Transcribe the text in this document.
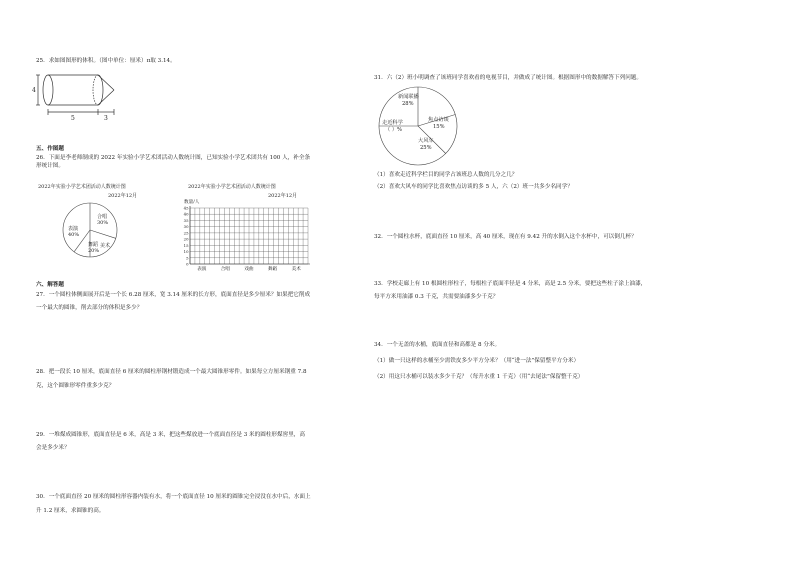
25．求如图图形的体积。（图中单位：厘米）π取 3.14。
4
5	3
五、作图题
26．下面是李老师制成的 2022 年实验小学艺术团活动人数统计图，已知实验小学艺术团共有 100 人，补全条
形统计图。
2022年实验小学艺术团活动人数统计图
2022年12月
合唱
30%
表演
40%
舞蹈
20%
美术
2022年实验小学艺术团活动人数统计图
2022年12月
数量/人
0
5
10
15
20
25
30
35
40
45
表演	合唱	戏曲	舞蹈	美术
六、解答题
27．一个圆柱体侧面展开后是一个长 6.28 厘米，宽 3.14 厘米的长方形，底面直径是多少厘米？如果把它削成
一个最大的圆锥，削去部分的体积是多少？
28．把一段长 10 厘米，底面直径 6 厘米的圆柱形钢材锻造成一个最大圆锥形零件。如果每立方厘米钢重 7.8
克，这个圆锥形零件重多少克？
29．一堆煤成圆锥形，底面直径是 6 米，高是 3 米，把这些煤放进一个底面直径是 3 米的圆柱形煤窖里，高
会是多少米？
30．一个底面直径 20 厘米的圆柱形容器内装有水，将一个底面直径 10 厘米的圆锥完全浸没在水中后，水面上
升 1.2 厘米，求圆锥的高。
31．六（2）班小明调查了该班同学喜欢看的电视节目，并做成了统计图。根据图形中的数据解答下列问题。
新闻联播
28%
焦点访谈
15%
大风车
25%
走近科学
（ ）%
（1）喜欢走近科学栏目的同学占该班总人数的几分之几？
（2）喜欢大风车的同学比喜欢焦点访谈的多 5 人，六（2）班一共多少名同学？
32．一个圆柱水杯，底面直径 10 厘米，高 40 厘米，现在有 9.42 升的水倒入这个水杯中，可以倒几杯？
33．学校走廊上有 10 根圆柱形柱子，每根柱子底面半径是 4 分米，高是 2.5 分米，要把这些柱子涂上油漆，
每平方米用油漆 0.3 千克，共需要油漆多少千克？
34．一个无盖的水桶，底面直径和高都是 8 分米。
（1）做一只这样的水桶至少需铁皮多少平方分米？（用“进一法”保留整平方分米）
（2）用这只水桶可以装水多少千克？（每升水重 1 千克）（用“去尾法”保留整千克）
